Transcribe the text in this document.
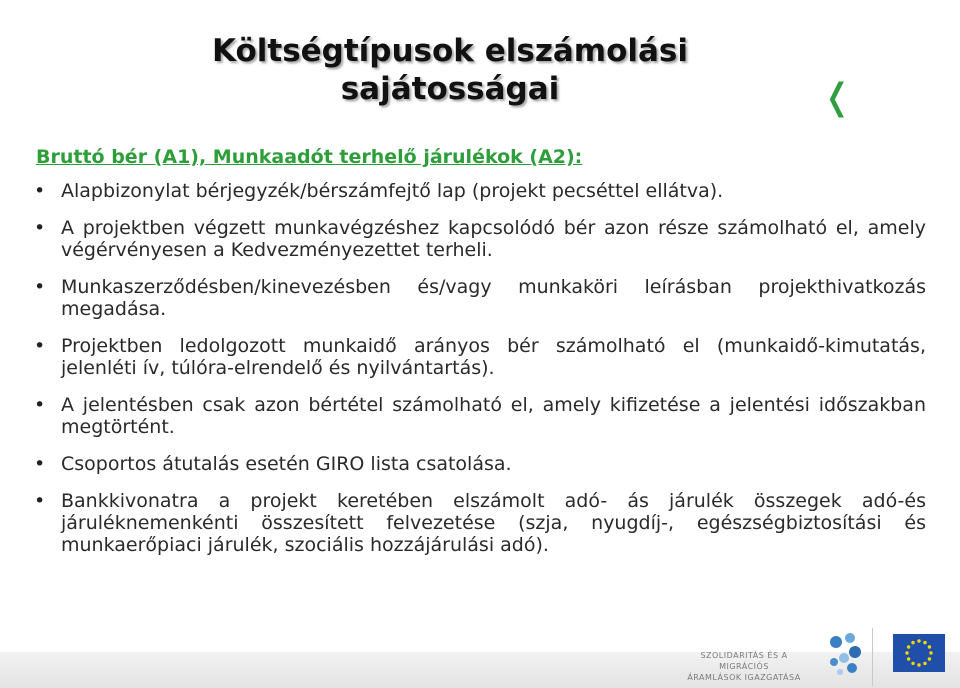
Költségtípusok elszámolási
sajátosságai	❬
Bruttó bér (A1), Munkaadót terhelő járulékok (A2):
• Alapbizonylat bérjegyzék/bérszámfejtő lap (projekt pecséttel ellátva).
• A projektben végzett munkavégzéshez kapcsolódó bér azon része számolható el, amely végérvényesen a Kedvezményezettet terheli.
• Munkaszerződésben/kinevezésben és/vagy munkaköri leírásban projekthivatkozás megadása.
• Projektben ledolgozott munkaidő arányos bér számolható el (munkaidő-kimutatás, jelenléti ív, túlóra-elrendelő és nyilvántartás).
• A jelentésben csak azon bértétel számolható el, amely kifizetése a jelentési időszakban megtörtént.
• Csoportos átutalás esetén GIRO lista csatolása.
• Bankkivonatra a projekt keretében elszámolt adó- ás járulék összegek adó-és járuléknemenkénti összesített felvezetése (szja, nyugdíj-, egészségbiztosítási és munkaerőpiaci járulék, szociális hozzájárulási adó).
SZOLIDARITÁS ÉS A MIGRÁCIÓS
ÁRAMLÁSOK IGAZGATÁSA
